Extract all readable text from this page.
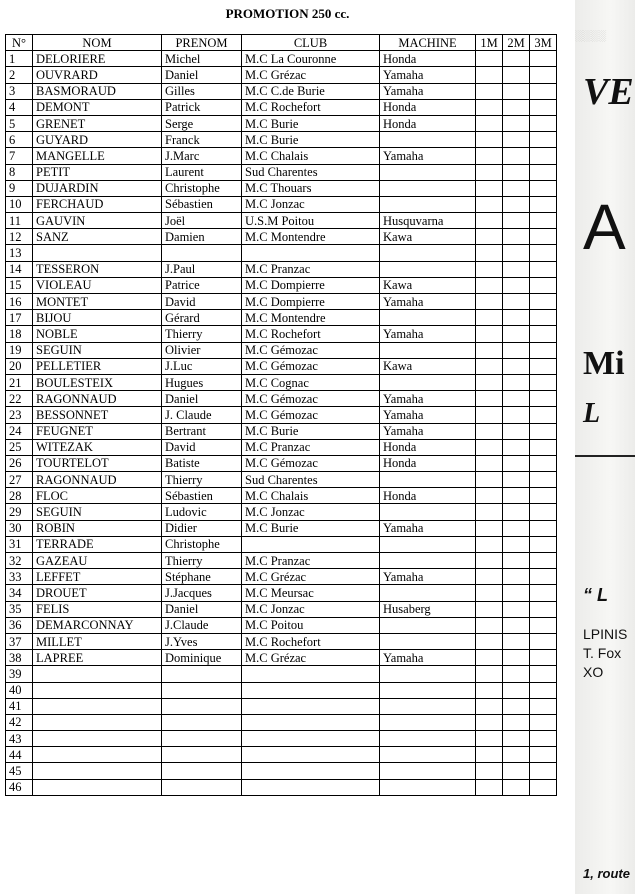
PROMOTION 250 cc.
N°	NOM	PRENOM	CLUB	MACHINE	1M	2M	3M
1	DELORIERE	Michel	M.C La Couronne	Honda			
2	OUVRARD	Daniel	M.C Grézac	Yamaha			
3	BASMORAUD	Gilles	M.C C.de Burie	Yamaha			
4	DEMONT	Patrick	M.C Rochefort	Honda			
5	GRENET	Serge	M.C Burie	Honda			
6	GUYARD	Franck	M.C Burie				
7	MANGELLE	J.Marc	M.C Chalais	Yamaha			
8	PETIT	Laurent	Sud Charentes				
9	DUJARDIN	Christophe	M.C Thouars				
10	FERCHAUD	Sébastien	M.C Jonzac				
11	GAUVIN	Joël	U.S.M Poitou	Husquvarna			
12	SANZ	Damien	M.C Montendre	Kawa			
13							
14	TESSERON	J.Paul	M.C Pranzac				
15	VIOLEAU	Patrice	M.C Dompierre	Kawa			
16	MONTET	David	M.C Dompierre	Yamaha			
17	BIJOU	Gérard	M.C Montendre				
18	NOBLE	Thierry	M.C Rochefort	Yamaha			
19	SEGUIN	Olivier	M.C Gémozac				
20	PELLETIER	J.Luc	M.C Gémozac	Kawa			
21	BOULESTEIX	Hugues	M.C Cognac				
22	RAGONNAUD	Daniel	M.C Gémozac	Yamaha			
23	BESSONNET	J. Claude	M.C Gémozac	Yamaha			
24	FEUGNET	Bertrant	M.C Burie	Yamaha			
25	WITEZAK	David	M.C Pranzac	Honda			
26	TOURTELOT	Batiste	M.C Gémozac	Honda			
27	RAGONNAUD	Thierry	Sud Charentes				
28	FLOC	Sébastien	M.C Chalais	Honda			
29	SEGUIN	Ludovic	M.C Jonzac				
30	ROBIN	Didier	M.C Burie	Yamaha			
31	TERRADE	Christophe					
32	GAZEAU	Thierry	M.C Pranzac				
33	LEFFET	Stéphane	M.C Grézac	Yamaha			
34	DROUET	J.Jacques	M.C Meursac				
35	FELIS	Daniel	M.C Jonzac	Husaberg			
36	DEMARCONNAY	J.Claude	M.C Poitou				
37	MILLET	J.Yves	M.C Rochefort				
38	LAPREE	Dominique	M.C Grézac	Yamaha			
39							
40							
41							
42							
43							
44							
45							
46							
░░░░
VE
A
Mi
L
“ L
LPINIS
T. Fox
XO
1, route
